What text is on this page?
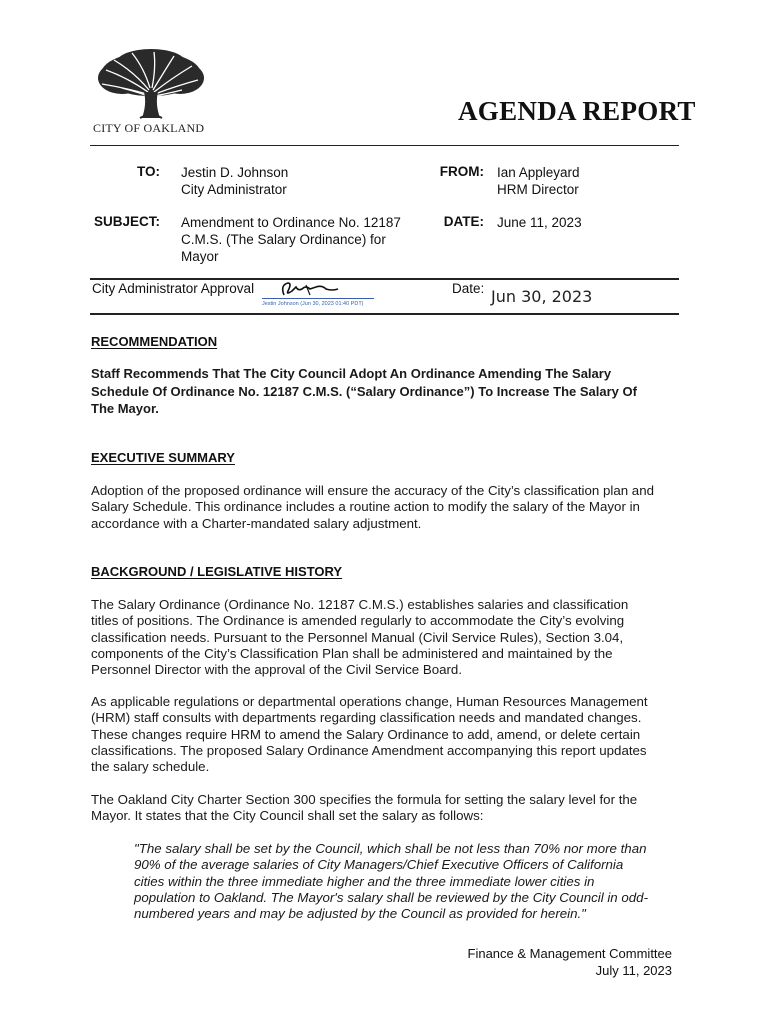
CITY OF OAKLAND
AGENDA REPORT
TO: Jestin D. Johnson
City Administrator
FROM: Ian Appleyard
HRM Director
SUBJECT: Amendment to Ordinance No. 12187
C.M.S. (The Salary Ordinance) for
Mayor
DATE: June 11, 2023
City Administrator Approval
Jestin Johnson (Jun 30, 2023 01:40 PDT)
Date: Jun 30, 2023
RECOMMENDATION
Staff Recommends That The City Council Adopt An Ordinance Amending The Salary
Schedule Of Ordinance No. 12187 C.M.S. (“Salary Ordinance”) To Increase The Salary Of
The Mayor.
EXECUTIVE SUMMARY
Adoption of the proposed ordinance will ensure the accuracy of the City’s classification plan and
Salary Schedule. This ordinance includes a routine action to modify the salary of the Mayor in
accordance with a Charter-mandated salary adjustment.
BACKGROUND / LEGISLATIVE HISTORY
The Salary Ordinance (Ordinance No. 12187 C.M.S.) establishes salaries and classification
titles of positions. The Ordinance is amended regularly to accommodate the City’s evolving
classification needs. Pursuant to the Personnel Manual (Civil Service Rules), Section 3.04,
components of the City’s Classification Plan shall be administered and maintained by the
Personnel Director with the approval of the Civil Service Board.
As applicable regulations or departmental operations change, Human Resources Management
(HRM) staff consults with departments regarding classification needs and mandated changes.
These changes require HRM to amend the Salary Ordinance to add, amend, or delete certain
classifications. The proposed Salary Ordinance Amendment accompanying this report updates
the salary schedule.
The Oakland City Charter Section 300 specifies the formula for setting the salary level for the
Mayor. It states that the City Council shall set the salary as follows:
"The salary shall be set by the Council, which shall be not less than 70% nor more than
90% of the average salaries of City Managers/Chief Executive Officers of California
cities within the three immediate higher and the three immediate lower cities in
population to Oakland. The Mayor's salary shall be reviewed by the City Council in odd-
numbered years and may be adjusted by the Council as provided for herein."
Finance & Management Committee
July 11, 2023
